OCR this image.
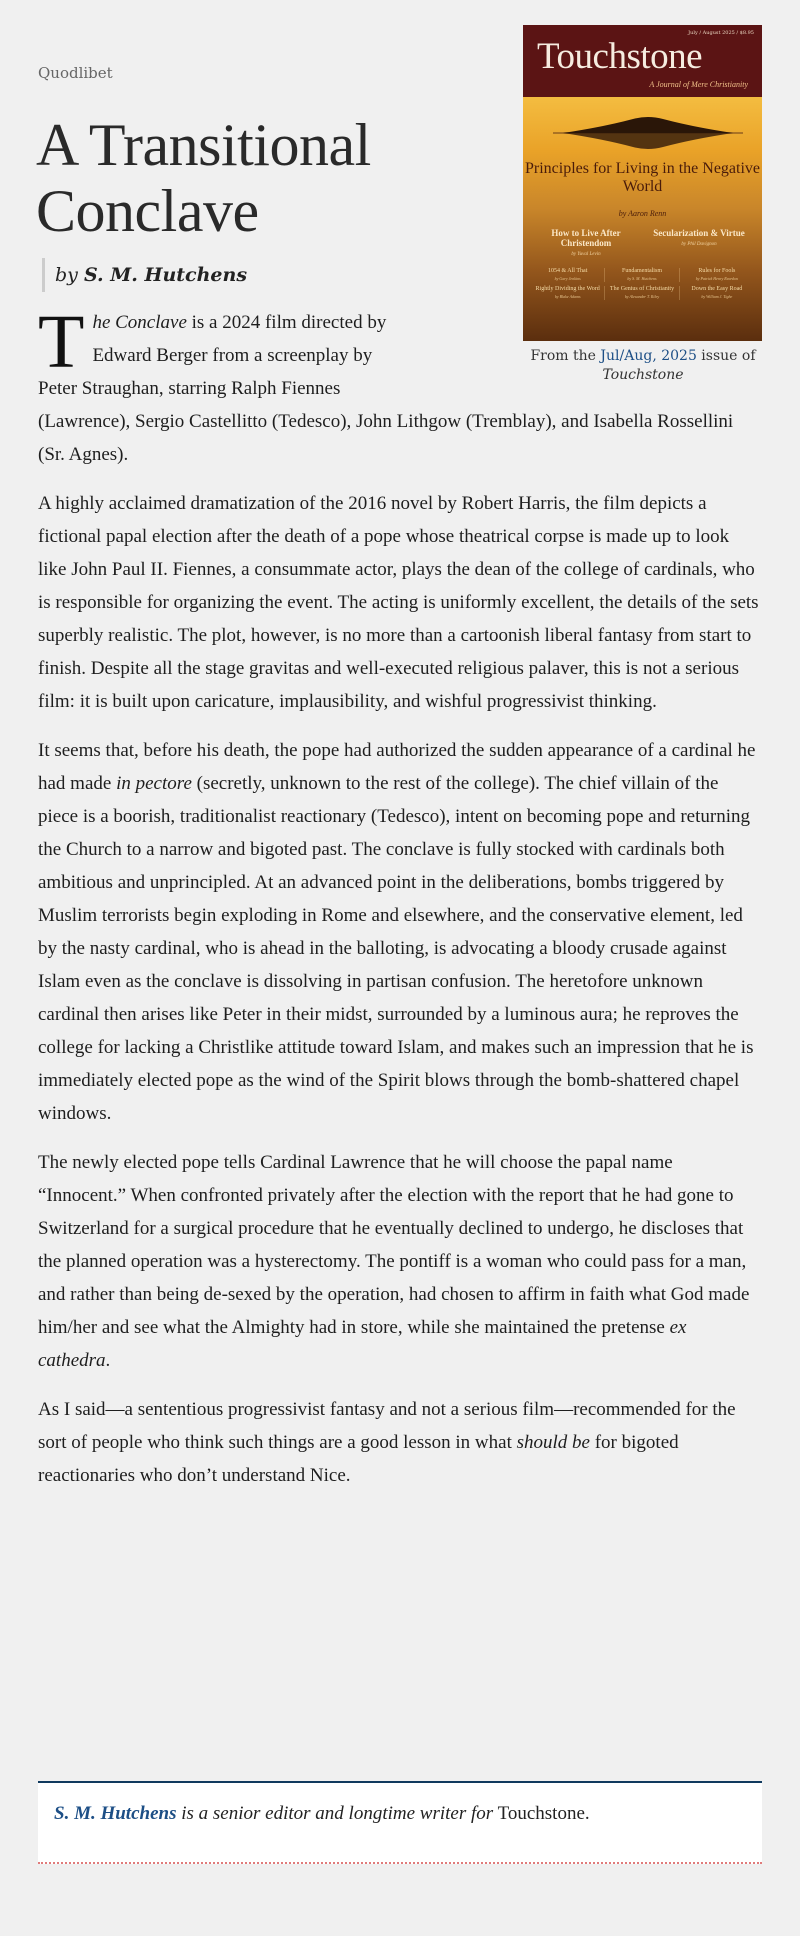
Quodlibet
A Transitional Conclave
by S. M. Hutchens
July / August 2025 / $8.95
Touchstone
A Journal of Mere Christianity
Principles for Living in the Negative World
by Aaron Renn
How to Live After Christendom
by Yuval Levin
Secularization & Virtue
by Phil Davignon
1054 & All That
by Gary Jenkins
Fundamentalism
by S. M. Hutchens
Rules for Fools
by Patrick Henry Reardon
Rightly Dividing the Word
by Blake Adams
The Genius of Christianity
by Alexander T. Riley
Down the Easy Road
by William J. Tighe
From the Jul/Aug, 2025 issue of
Touchstone

The Conclave is a 2024 film directed by
Edward Berger from a screenplay by
Peter Straughan, starring Ralph Fiennes
(Lawrence), Sergio Castellitto (Tedesco), John Lithgow (Tremblay), and Isabella Rossellini (Sr. Agnes).

A highly acclaimed dramatization of the 2016 novel by Robert Harris, the film depicts a fictional papal election after the death of a pope whose theatrical corpse is made up to look like John Paul II. Fiennes, a consummate actor, plays the dean of the college of cardinals, who is responsible for organizing the event. The acting is uniformly excellent, the details of the sets superbly realistic. The plot, however, is no more than a cartoonish liberal fantasy from start to finish. Despite all the stage gravitas and well-executed religious palaver, this is not a serious film: it is built upon caricature, implausibility, and wishful progressivist thinking.

It seems that, before his death, the pope had authorized the sudden appearance of a cardinal he had made in pectore (secretly, unknown to the rest of the college). The chief villain of the piece is a boorish, traditionalist reactionary (Tedesco), intent on becoming pope and returning the Church to a narrow and bigoted past. The conclave is fully stocked with cardinals both ambitious and unprincipled. At an advanced point in the deliberations, bombs triggered by Muslim terrorists begin exploding in Rome and elsewhere, and the conservative element, led by the nasty cardinal, who is ahead in the balloting, is advocating a bloody crusade against Islam even as the conclave is dissolving in partisan confusion. The heretofore unknown cardinal then arises like Peter in their midst, surrounded by a luminous aura; he reproves the college for lacking a Christlike attitude toward Islam, and makes such an impression that he is immediately elected pope as the wind of the Spirit blows through the bomb-shattered chapel windows.

The newly elected pope tells Cardinal Lawrence that he will choose the papal name “Innocent.” When confronted privately after the election with the report that he had gone to Switzerland for a surgical procedure that he eventually declined to undergo, he discloses that the planned operation was a hysterectomy. The pontiff is a woman who could pass for a man, and rather than being de-sexed by the operation, had chosen to affirm in faith what God made him/her and see what the Almighty had in store, while she maintained the pretense ex cathedra.

As I said—a sententious progressivist fantasy and not a serious film—recommended for the sort of people who think such things are a good lesson in what should be for bigoted reactionaries who don’t understand Nice.

S. M. Hutchens is a senior editor and longtime writer for Touchstone.
